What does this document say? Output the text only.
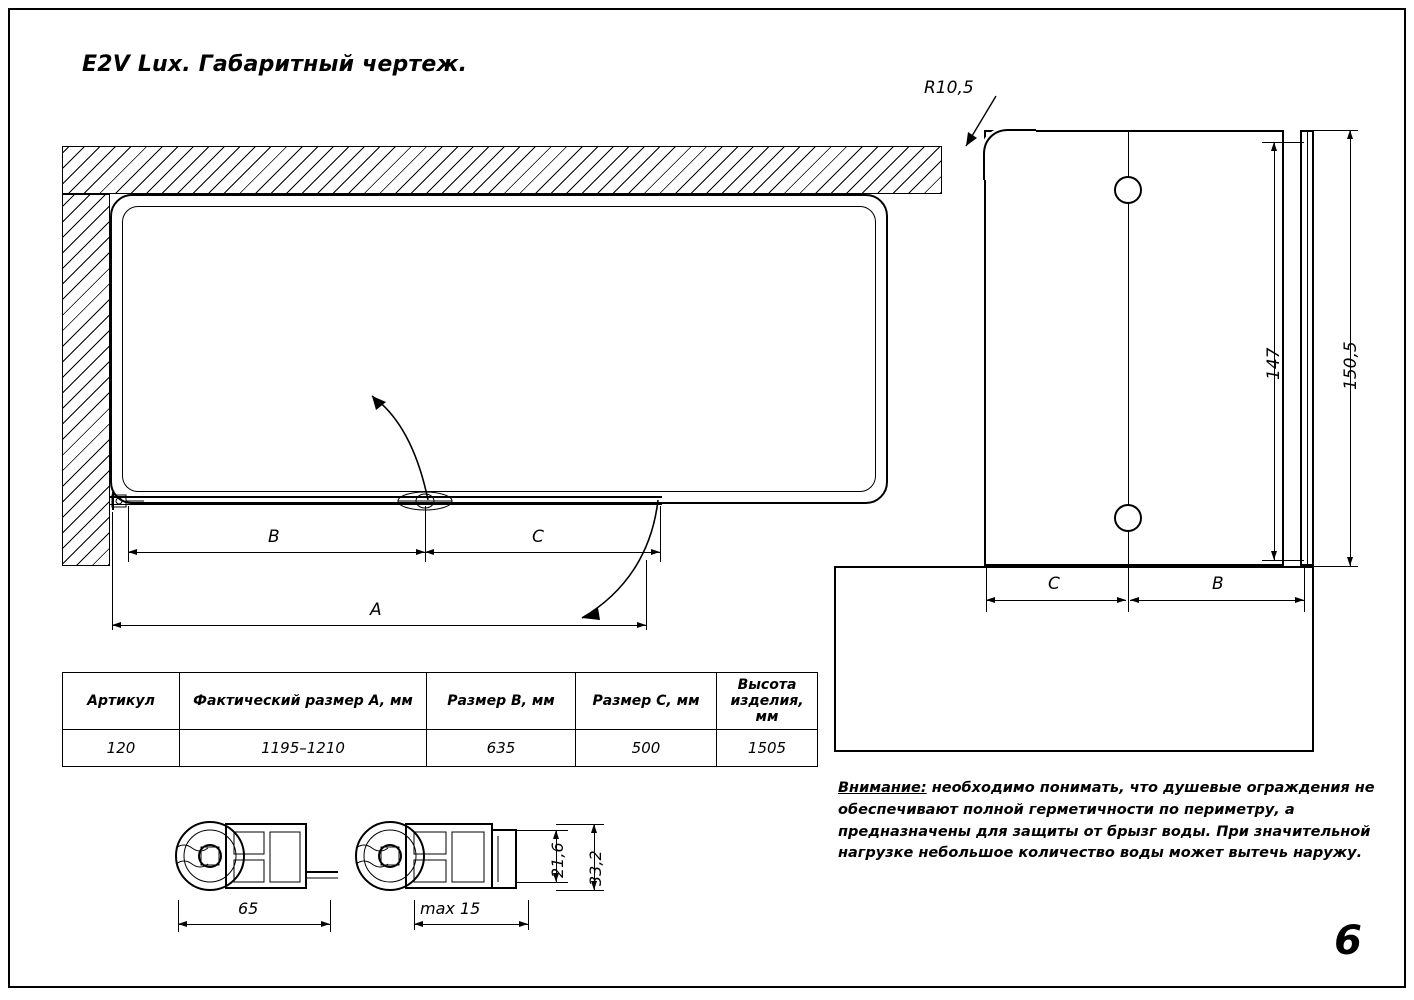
E2V Lux. Габаритный чертеж.
B	C
A
R10,5
147	150,5
C	B
Артикул	Фактический размер A, мм	Размер B, мм	Размер C, мм	Высота изделия, мм
120	1195–1210	635	500	1505
65	max 15
21,6 33,2
Внимание: необходимо понимать, что душевые ограждения не обеспечивают полной герметичности по периметру, а предназначены для защиты от брызг воды. При значительной нагрузке небольшое количество воды может вытечь наружу.
6
